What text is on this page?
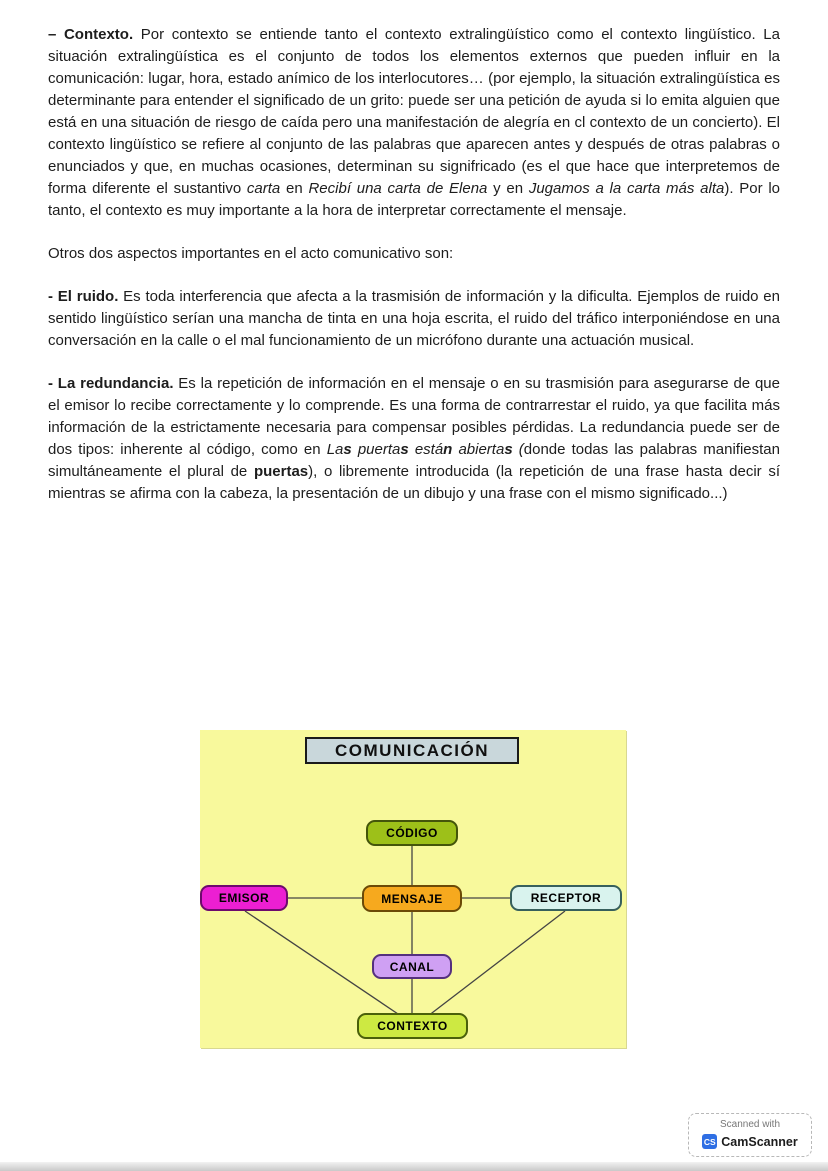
– Contexto. Por contexto se entiende tanto el contexto extralingüístico como el contexto lingüístico. La situación extralingüística es el conjunto de todos los elementos externos que pueden influir en la comunicación: lugar, hora, estado anímico de los interlocutores… (por ejemplo, la situación extralingüística es determinante para entender el significado de un grito: puede ser una petición de ayuda si lo emita alguien que está en una situación de riesgo de caída pero una manifestación de alegría en cl contexto de un concierto). El contexto lingüístico se refiere al conjunto de las palabras que aparecen antes y después de otras palabras o enunciados y que, en muchas ocasiones, determinan su signifricado (es el que hace que interpretemos de forma diferente el sustantivo carta en Recibí una carta de Elena y en Jugamos a la carta más alta). Por lo tanto, el contexto es muy importante a la hora de interpretar correctamente el mensaje.

Otros dos aspectos importantes en el acto comunicativo son:

- El ruido. Es toda interferencia que afecta a la trasmisión de información y la dificulta. Ejemplos de ruido en sentido lingüístico serían una mancha de tinta en una hoja escrita, el ruido del tráfico interponiéndose en una conversación en la calle o el mal funcionamiento de un micrófono durante una actuación musical.

- La redundancia. Es la repetición de información en el mensaje o en su trasmisión para asegurarse de que el emisor lo recibe correctamente y lo comprende. Es una forma de contrarrestar el ruido, ya que facilita más información de la estrictamente necesaria para compensar posibles pérdidas. La redundancia puede ser de dos tipos: inherente al código, como en Las puertas están abiertas (donde todas las palabras manifiestan simultáneamente el plural de puertas), o libremente introducida (la repetición de una frase hasta decir sí mientras se afirma con la cabeza, la presentación de un dibujo y una frase con el mismo significado...)

COMUNICACIÓN
CÓDIGO
EMISOR	MENSAJE	RECEPTOR
CANAL
CONTEXTO
Scanned with
CS CamScanner
